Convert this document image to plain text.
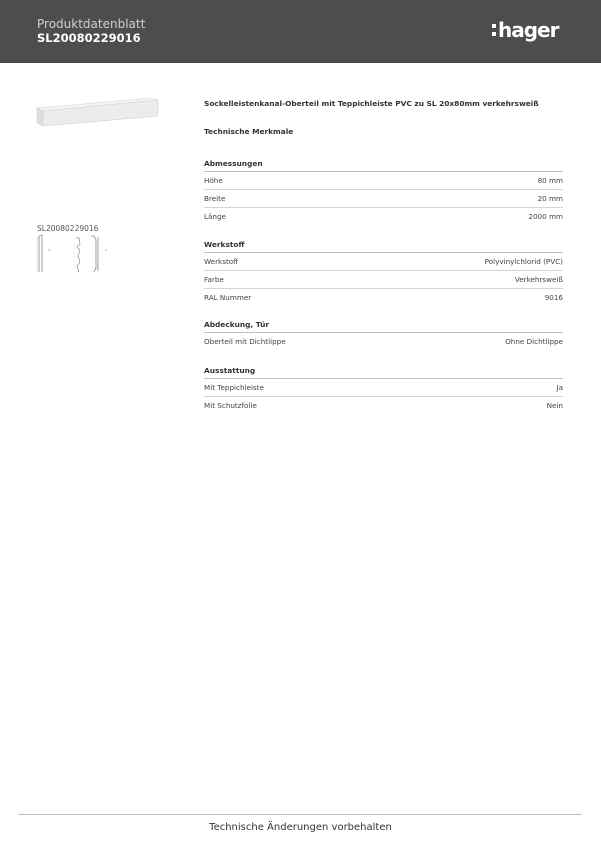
Produktdatenblatt
SL20080229016	hager
SL20080229016
Sockelleistenkanal-Oberteil mit Teppichleiste PVC zu SL 20x80mm verkehrsweiß
Technische Merkmale
Abmessungen
Höhe	80 mm
Breite	20 mm
Länge	2000 mm
Werkstoff
Werkstoff	Polyvinylchlorid (PVC)
Farbe	Verkehrsweiß
RAL Nummer	9016
Abdeckung, Tür
Oberteil mit Dichtlippe	Ohne Dichtlippe
Ausstattung
Mit Teppichleiste	Ja
Mit Schutzfolie	Nein
Technische Änderungen vorbehalten
